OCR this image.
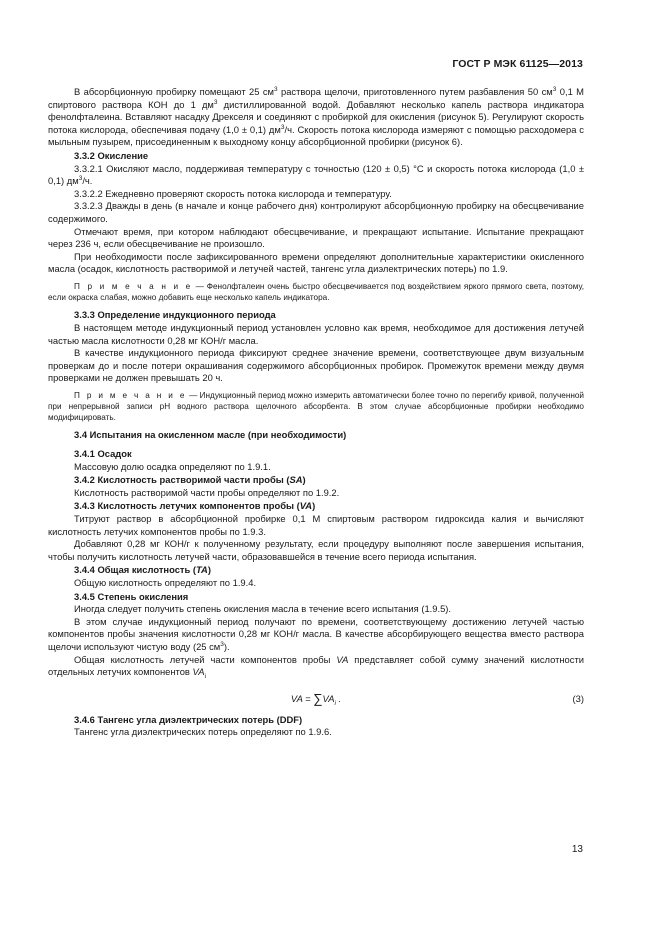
ГОСТ Р МЭК 61125—2013

В абсорбционную пробирку помещают 25 $см^3$ раствора щелочи, приготовленного путем разбавления 50 $см^3$ 0,1 М спиртового раствора КОН до 1 $дм^3$ дистиллированной водой. Добавляют несколько капель раствора индикатора фенолфталеина. Вставляют насадку Дрекселя и соединяют с пробиркой для окисления (рисунок 5). Регулируют скорость потока кислорода, обеспечивая подачу (1,0 ± 0,1) $дм^3/ч$. Скорость потока кислорода измеряют с помощью расходомера с мыльным пузырем, присоединенным к выходному концу абсорбционной пробирки (рисунок 6).

3.3.2 Окисление

3.3.2.1 Окисляют масло, поддерживая температуру с точностью (120 ± 0,5) °С и скорость потока кислорода (1,0 ± 0,1) $дм^3/ч$.

3.3.2.2 Ежедневно проверяют скорость потока кислорода и температуру.

3.3.2.3 Дважды в день (в начале и конце рабочего дня) контролируют абсорбционную пробирку на обесцвечивание содержимого.

Отмечают время, при котором наблюдают обесцвечивание, и прекращают испытание. Испытание прекращают через 236 ч, если обесцвечивание не произошло.

При необходимости после зафиксированного времени определяют дополнительные характеристики окисленного масла (осадок, кислотность растворимой и летучей частей, тангенс угла диэлектрических потерь) по 1.9.

П р и м е ч а н и е — Фенолфталеин очень быстро обесцвечивается под воздействием яркого прямого света, поэтому, если окраска слабая, можно добавить еще несколько капель индикатора.

3.3.3 Определение индукционного периода

В настоящем методе индукционный период установлен условно как время, необходимое для достижения летучей частью масла кислотности 0,28 мг КОН/г масла.

В качестве индукционного периода фиксируют среднее значение времени, соответствующее двум визуальным проверкам до и после потери окрашивания содержимого абсорбционных пробирок. Промежуток времени между двумя проверками не должен превышать 20 ч.

П р и м е ч а н и е — Индукционный период можно измерить автоматически более точно по перегибу кривой, полученной при непрерывной записи рН водного раствора щелочного абсорбента. В этом случае абсорбционные пробирки необходимо модифицировать.

3.4 Испытания на окисленном масле (при необходимости)

3.4.1 Осадок

Массовую долю осадка определяют по 1.9.1.

3.4.2 Кислотность растворимой части пробы (SA)

Кислотность растворимой части пробы определяют по 1.9.2.

3.4.3 Кислотность летучих компонентов пробы (VA)

Титруют раствор в абсорбционной пробирке 0,1 М спиртовым раствором гидроксида калия и вычисляют кислотность летучих компонентов пробы по 1.9.3.

Добавляют 0,28 мг КОН/г к полученному результату, если процедуру выполняют после завершения испытания, чтобы получить кислотность летучей части, образовавшейся в течение всего периода испытания.

3.4.4 Общая кислотность (TA)

Общую кислотность определяют по 1.9.4.

3.4.5 Степень окисления

Иногда следует получить степень окисления масла в течение всего испытания (1.9.5).

В этом случае индукционный период получают по времени, соответствующему достижению летучей частью компонентов пробы значения кислотности 0,28 мг КОН/г масла. В качестве абсорбирующего вещества вместо раствора щелочи используют чистую воду (25 $см^3$).

Общая кислотность летучей части компонентов пробы VA представляет собой сумму значений кислотности отдельных летучих компонентов $VA_i$

VA = $\sum VA_i$ .	(3)

3.4.6 Тангенс угла диэлектрических потерь (DDF)

Тангенс угла диэлектрических потерь определяют по 1.9.6.

13
